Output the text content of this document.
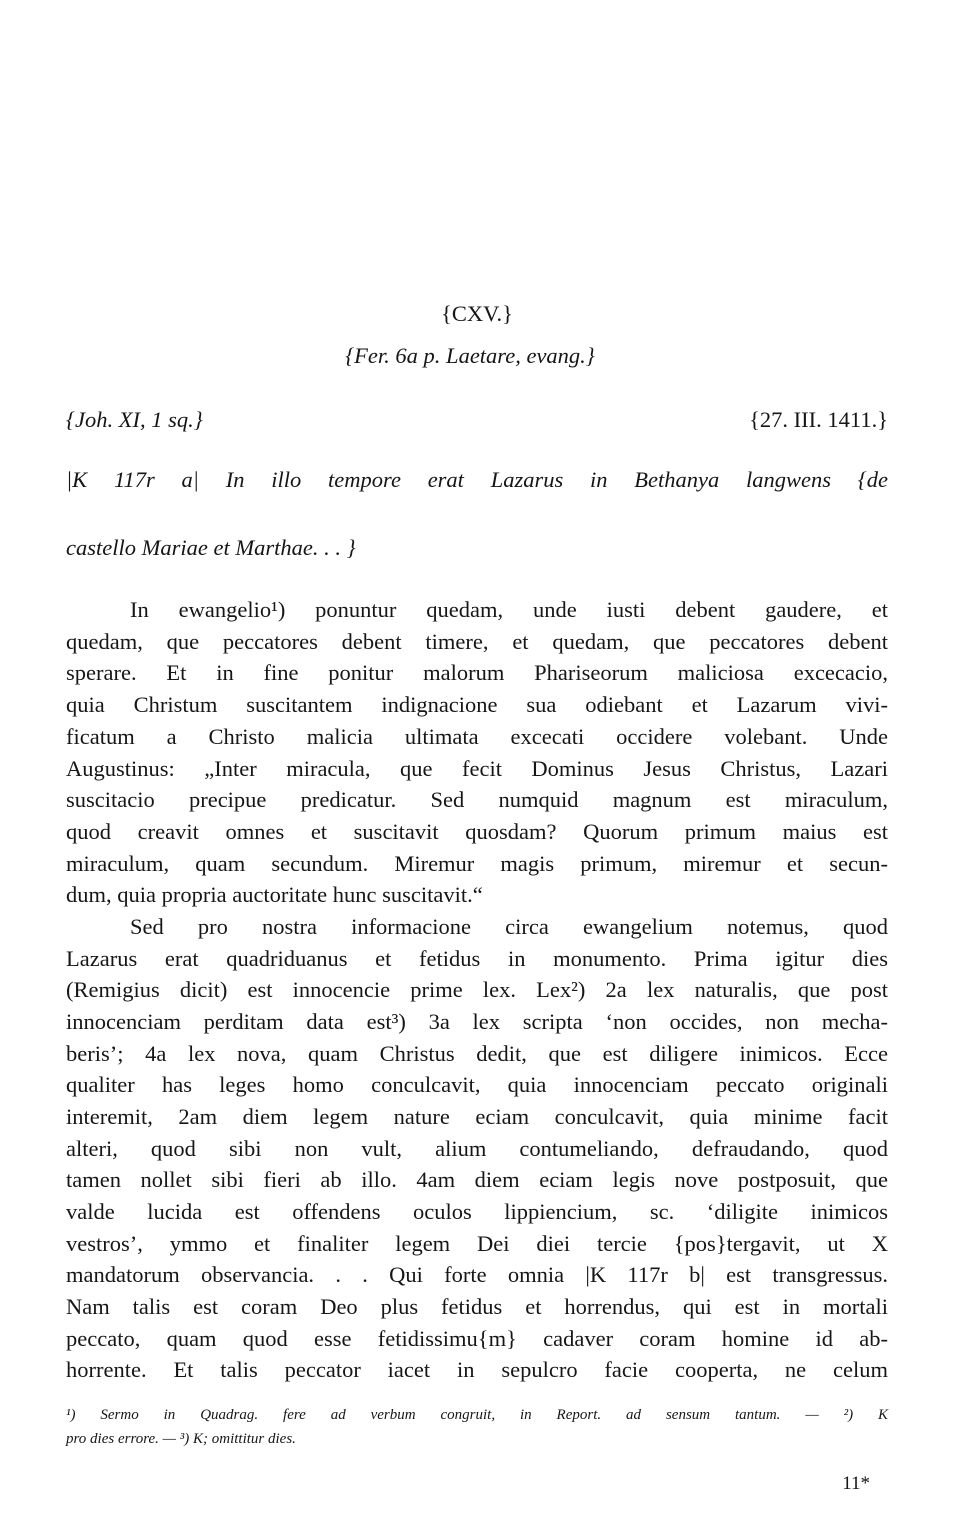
{CXV.}
{Fer. 6a p. Laetare, evang.}
{Joh. XI, 1 sq.}	{27. III. 1411.}
|K 117r a| In illo tempore erat Lazarus in Bethanya langwens {de
castello Mariae et Marthae. . . }
In ewangelio¹) ponuntur quedam, unde iusti debent gaudere, et
quedam, que peccatores debent timere, et quedam, que peccatores debent
sperare. Et in fine ponitur malorum Phariseorum maliciosa excecacio,
quia Christum suscitantem indignacione sua odiebant et Lazarum vivi-
ficatum a Christo malicia ultimata excecati occidere volebant. Unde
Augustinus: „Inter miracula, que fecit Dominus Jesus Christus, Lazari
suscitacio precipue predicatur. Sed numquid magnum est miraculum,
quod creavit omnes et suscitavit quosdam? Quorum primum maius est
miraculum, quam secundum. Miremur magis primum, miremur et secun-
dum, quia propria auctoritate hunc suscitavit.“
Sed pro nostra informacione circa ewangelium notemus, quod
Lazarus erat quadriduanus et fetidus in monumento. Prima igitur dies
(Remigius dicit) est innocencie prime lex. Lex²) 2a lex naturalis, que post
innocenciam perditam data est³) 3a lex scripta ‘non occides, non mecha-
beris’; 4a lex nova, quam Christus dedit, que est diligere inimicos. Ecce
qualiter has leges homo conculcavit, quia innocenciam peccato originali
interemit, 2am diem legem nature eciam conculcavit, quia minime facit
alteri, quod sibi non vult, alium contumeliando, defraudando, quod
tamen nollet sibi fieri ab illo. 4am diem eciam legis nove postposuit, que
valde lucida est offendens oculos lippiencium, sc. ‘diligite inimicos
vestros’, ymmo et finaliter legem Dei diei tercie {pos}tergavit, ut X
mandatorum observancia. . . Qui forte omnia |K 117r b| est transgressus.
Nam talis est coram Deo plus fetidus et horrendus, qui est in mortali
peccato, quam quod esse fetidissimu{m} cadaver coram homine id ab-
horrente. Et talis peccator iacet in sepulcro facie cooperta, ne celum
¹) Sermo in Quadrag. fere ad verbum congruit, in Report. ad sensum tantum. — ²) K
pro dies errore. — ³) K; omittitur dies.
11*
